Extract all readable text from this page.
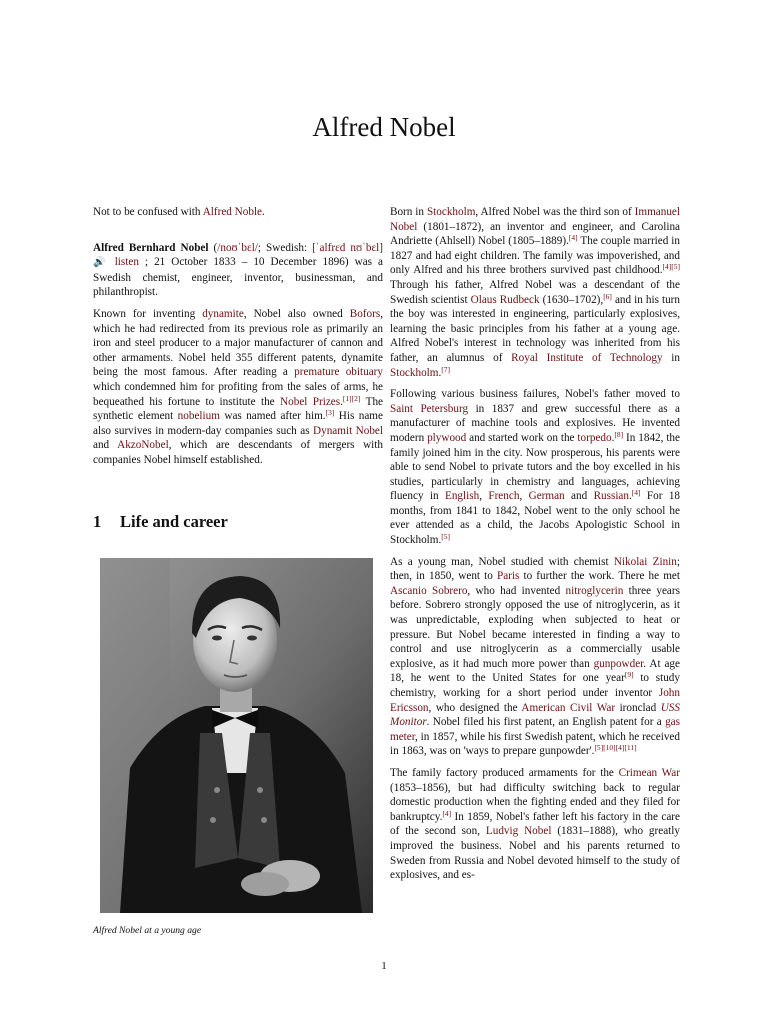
Alfred Nobel

Not to be confused with Alfred Noble.

Alfred Bernhard Nobel (/noʊˈbɛl/; Swedish: [ˈalfrɛd nʊˈbɛl] 🔊 listen ; 21 October 1833 – 10 December 1896) was a Swedish chemist, engineer, inventor, businessman, and philanthropist.

Known for inventing dynamite, Nobel also owned Bofors, which he had redirected from its previous role as primarily an iron and steel producer to a major manufacturer of cannon and other armaments. Nobel held 355 different patents, dynamite being the most famous. After reading a premature obituary which condemned him for profiting from the sales of arms, he bequeathed his fortune to institute the Nobel Prizes.[1][2] The synthetic element nobelium was named after him.[3] His name also survives in modern-day companies such as Dynamit Nobel and AkzoNobel, which are descendants of mergers with companies Nobel himself established.

1 Life and career

Alfred Nobel at a young age

Born in Stockholm, Alfred Nobel was the third son of Immanuel Nobel (1801–1872), an inventor and engineer, and Carolina Andriette (Ahlsell) Nobel (1805–1889).[4] The couple married in 1827 and had eight children. The family was impoverished, and only Alfred and his three brothers survived past childhood.[4][5] Through his father, Alfred Nobel was a descendant of the Swedish scientist Olaus Rudbeck (1630–1702),[6] and in his turn the boy was interested in engineering, particularly explosives, learning the basic principles from his father at a young age. Alfred Nobel's interest in technology was inherited from his father, an alumnus of Royal Institute of Technology in Stockholm.[7]

Following various business failures, Nobel's father moved to Saint Petersburg in 1837 and grew successful there as a manufacturer of machine tools and explosives. He invented modern plywood and started work on the torpedo.[8] In 1842, the family joined him in the city. Now prosperous, his parents were able to send Nobel to private tutors and the boy excelled in his studies, particularly in chemistry and languages, achieving fluency in English, French, German and Russian.[4] For 18 months, from 1841 to 1842, Nobel went to the only school he ever attended as a child, the Jacobs Apologistic School in Stockholm.[5]

As a young man, Nobel studied with chemist Nikolai Zinin; then, in 1850, went to Paris to further the work. There he met Ascanio Sobrero, who had invented nitroglycerin three years before. Sobrero strongly opposed the use of nitroglycerin, as it was unpredictable, exploding when subjected to heat or pressure. But Nobel became interested in finding a way to control and use nitroglycerin as a commercially usable explosive, as it had much more power than gunpowder. At age 18, he went to the United States for one year[9] to study chemistry, working for a short period under inventor John Ericsson, who designed the American Civil War ironclad USS Monitor. Nobel filed his first patent, an English patent for a gas meter, in 1857, while his first Swedish patent, which he received in 1863, was on 'ways to prepare gunpowder'.[5][10][4][11]

The family factory produced armaments for the Crimean War (1853–1856), but had difficulty switching back to regular domestic production when the fighting ended and they filed for bankruptcy.[4] In 1859, Nobel's father left his factory in the care of the second son, Ludvig Nobel (1831–1888), who greatly improved the business. Nobel and his parents returned to Sweden from Russia and Nobel devoted himself to the study of explosives, and es-

1
